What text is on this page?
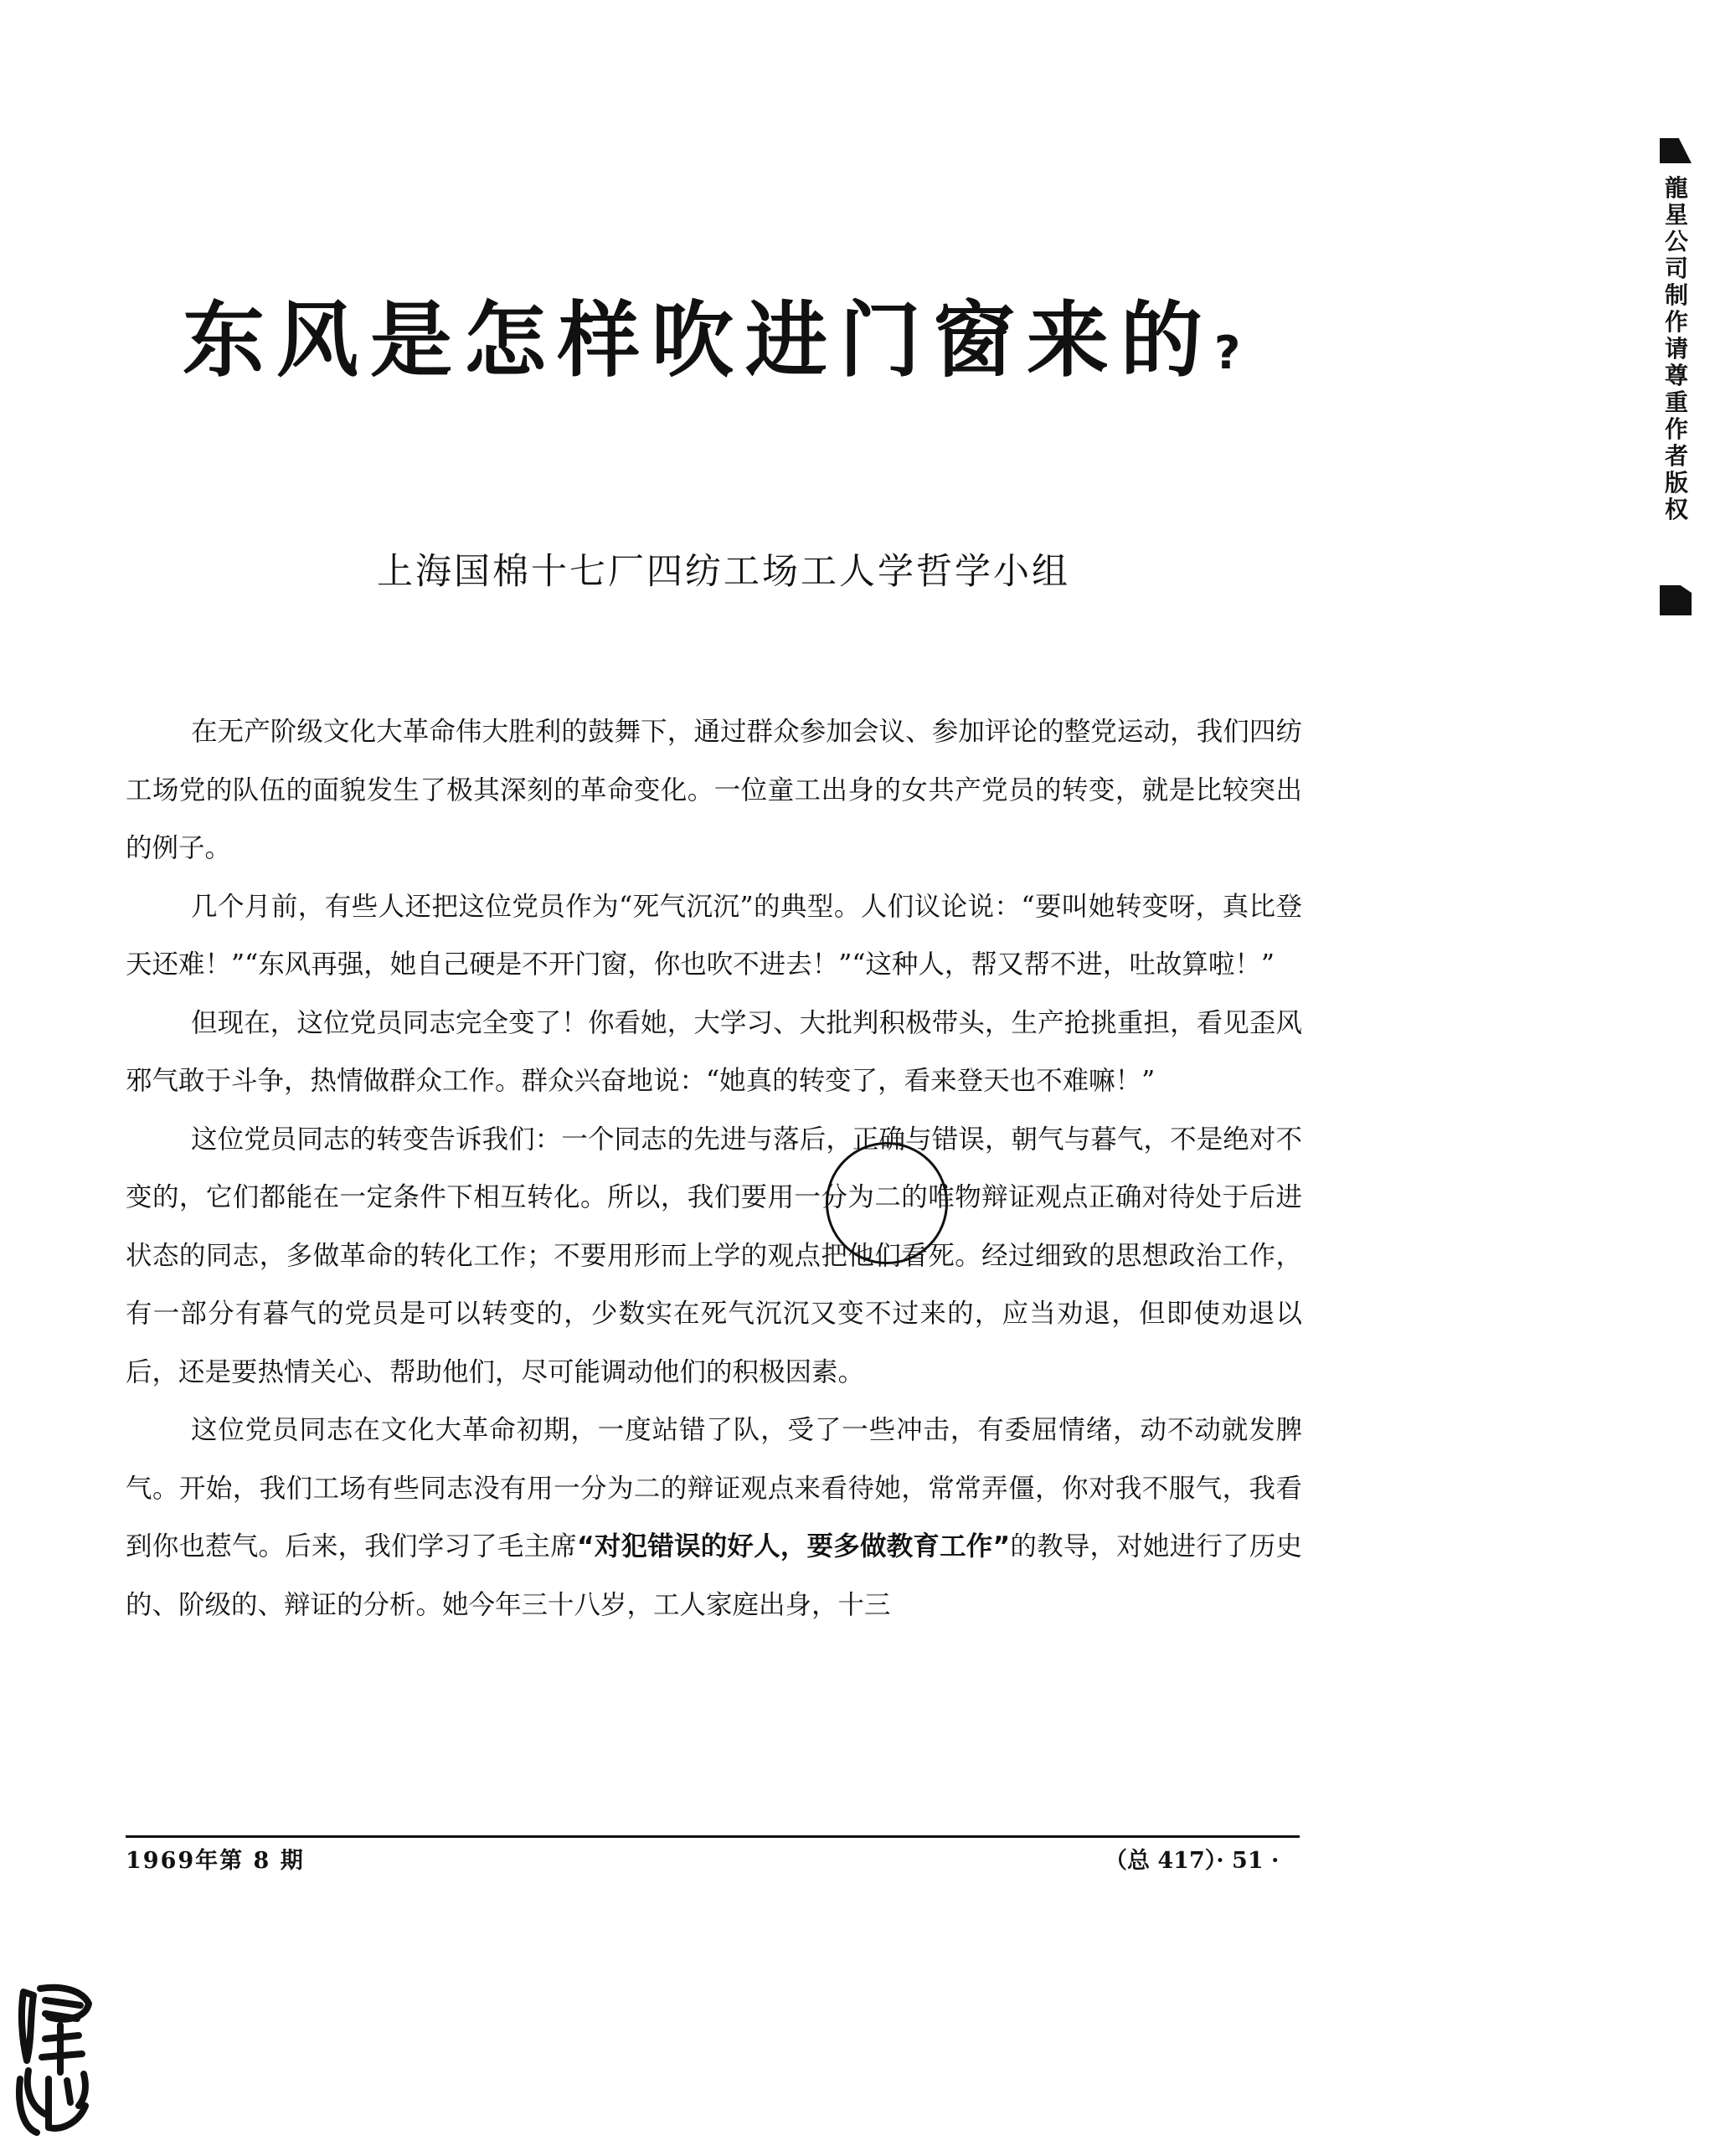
东风是怎样吹进门窗来的?
上海国棉十七厂四纺工场工人学哲学小组

在无产阶级文化大革命伟大胜利的鼓舞下，通过群众参加会议、参加评论的整党运动，我们四纺工场党的队伍的面貌发生了极其深刻的革命变化。一位童工出身的女共产党员的转变，就是比较突出的例子。

几个月前，有些人还把这位党员作为“死气沉沉”的典型。人们议论说：“要叫她转变呀，真比登天还难！”“东风再强，她自己硬是不开门窗，你也吹不进去！”“这种人，帮又帮不进，吐故算啦！”

但现在，这位党员同志完全变了！你看她，大学习、大批判积极带头，生产抢挑重担，看见歪风邪气敢于斗争，热情做群众工作。群众兴奋地说：“她真的转变了，看来登天也不难嘛！”

这位党员同志的转变告诉我们：一个同志的先进与落后，正确与错误，朝气与暮气，不是绝对不变的，它们都能在一定条件下相互转化。所以，我们要用一分为二的唯物辩证观点正确对待处于后进状态的同志，多做革命的转化工作；不要用形而上学的观点把他们看死。经过细致的思想政治工作，有一部分有暮气的党员是可以转变的，少数实在死气沉沉又变不过来的，应当劝退，但即使劝退以后，还是要热情关心、帮助他们，尽可能调动他们的积极因素。

这位党员同志在文化大革命初期，一度站错了队，受了一些冲击，有委屈情绪，动不动就发脾气。开始，我们工场有些同志没有用一分为二的辩证观点来看待她，常常弄僵，你对我不服气，我看到你也惹气。后来，我们学习了毛主席“对犯错误的好人，要多做教育工作”的教导，对她进行了历史的、阶级的、辩证的分析。她今年三十八岁，工人家庭出身，十三

1969年第 8 期	（总 417）· 51 ·
龍星公司制作请尊重作者版权
